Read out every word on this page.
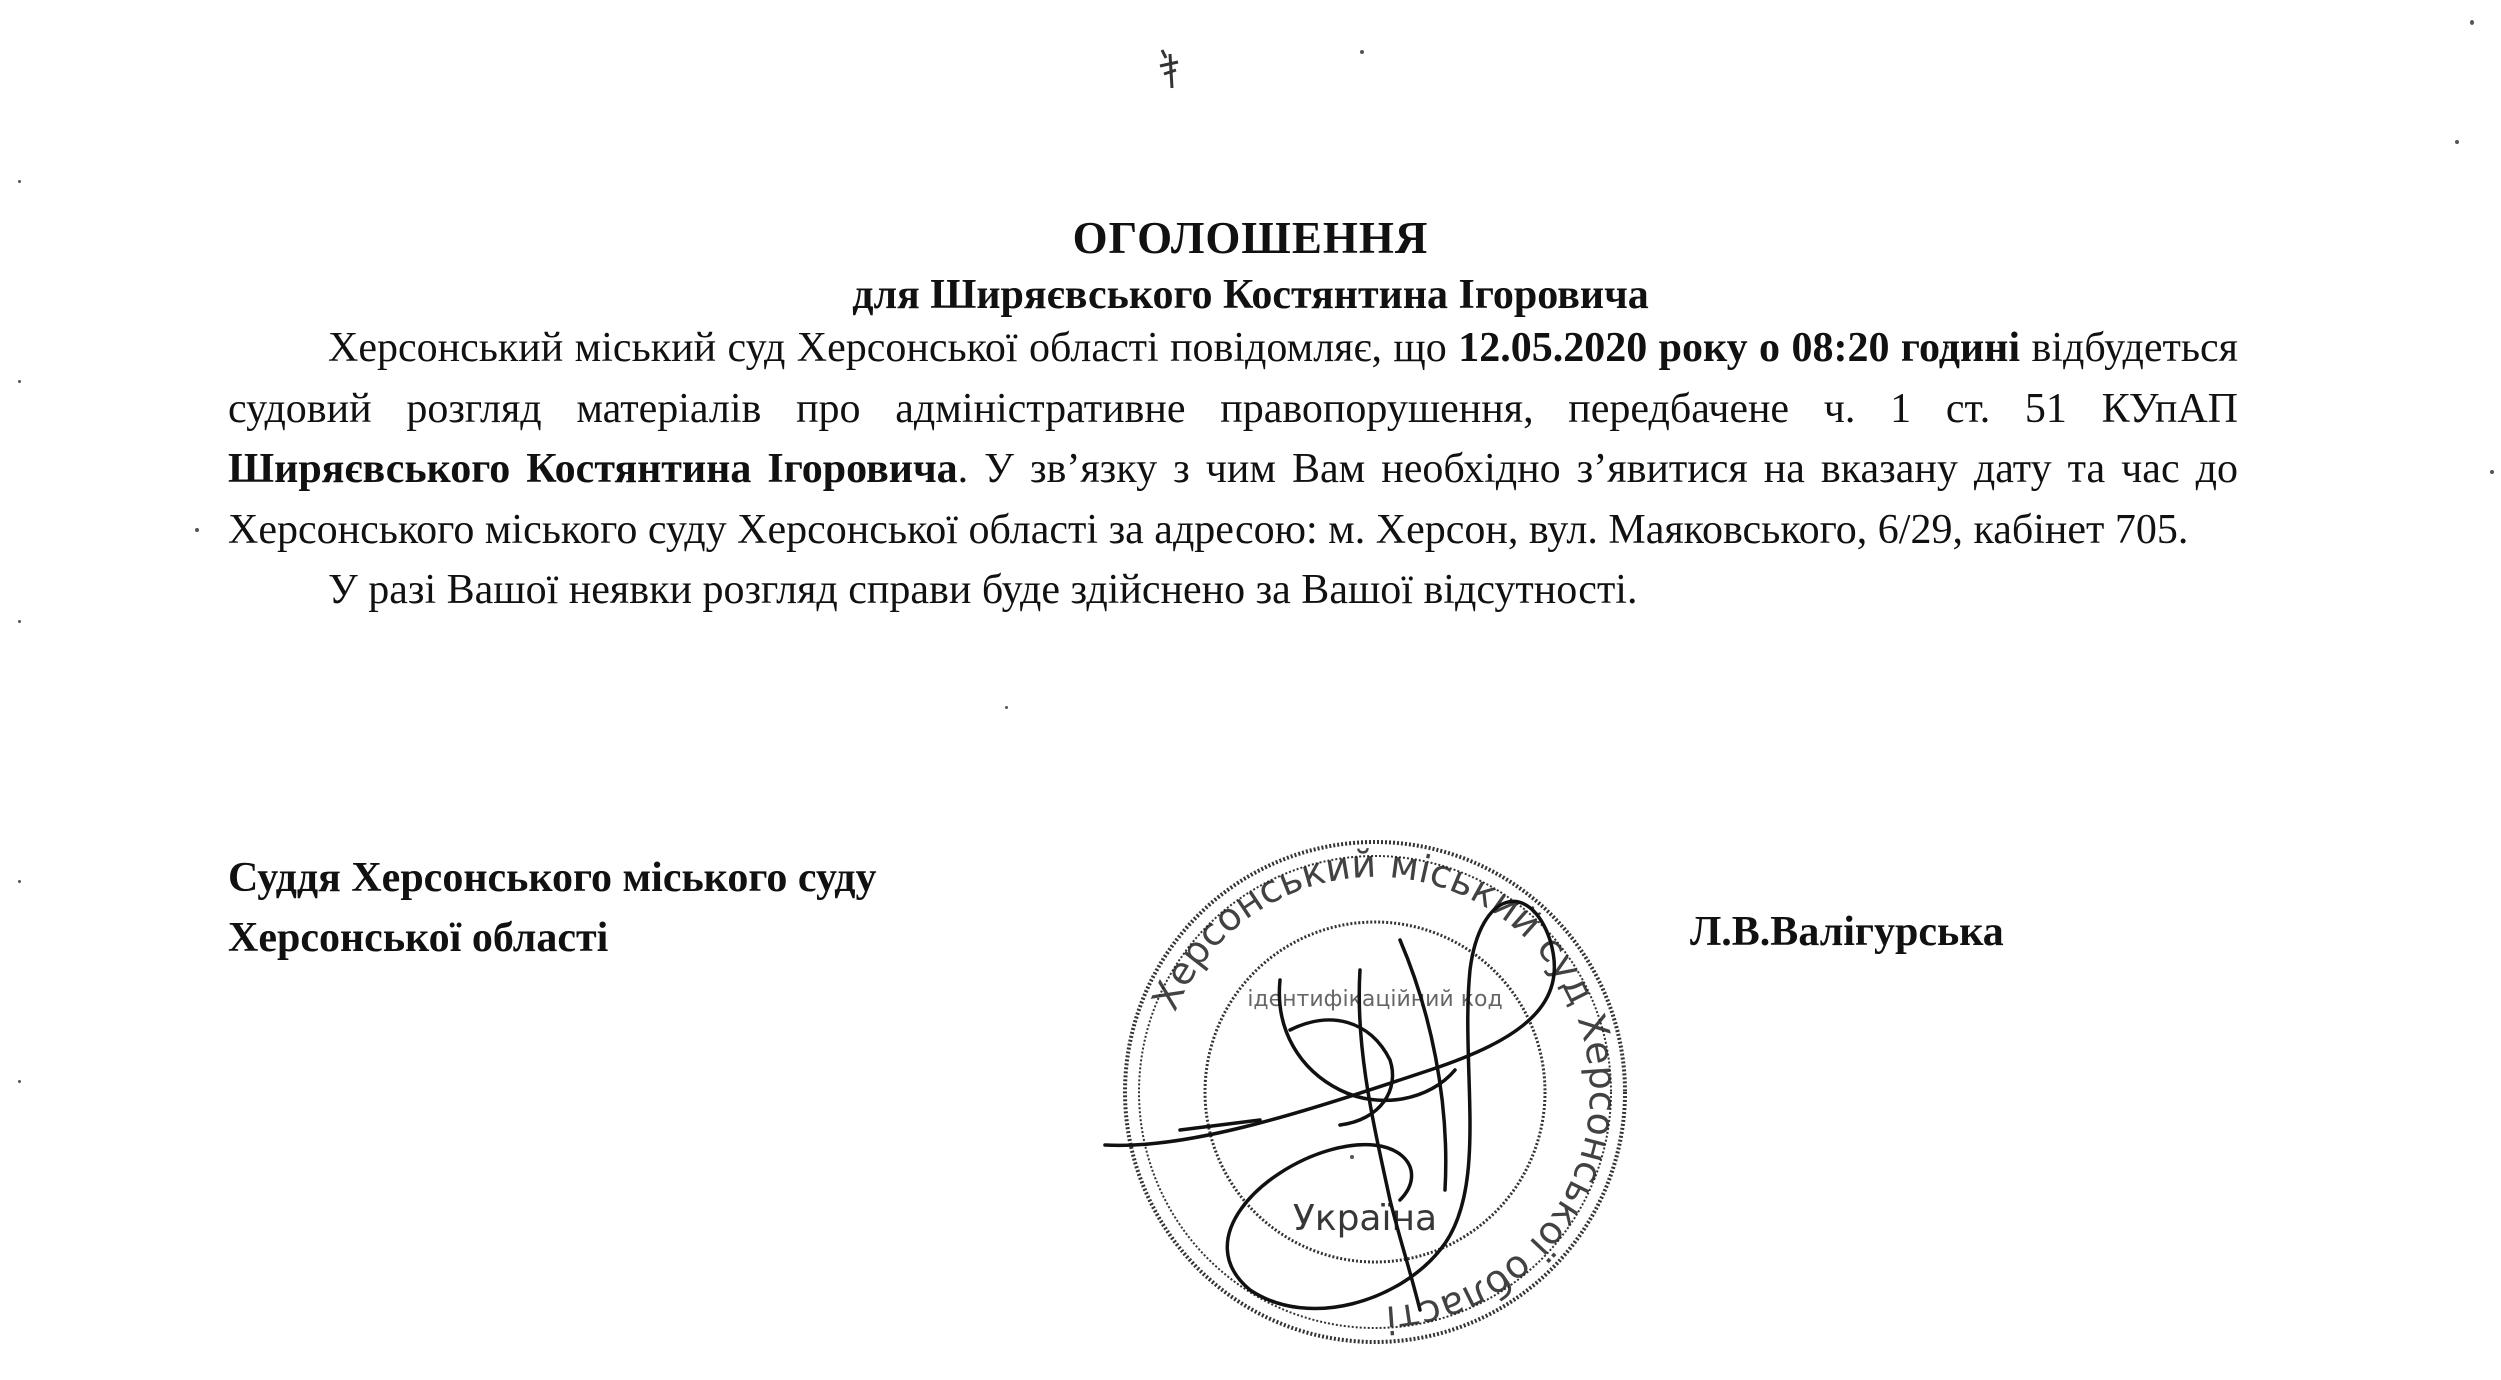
ОГОЛОШЕННЯ
для Ширяєвського Костянтина Ігоровича

Херсонський міський суд Херсонської області повідомляє, що 12.05.2020 року о 08:20 годині відбудеться судовий розгляд матеріалів про адміністративне правопорушення, передбачене ч. 1 ст. 51 КУпАП Ширяєвського Костянтина Ігоровича. У зв’язку з чим Вам необхідно з’явитися на вказану дату та час до Херсонського міського суду Херсонської області за адресою: м. Херсон, вул. Маяковського, 6/29, кабінет 705.

У разі Вашої неявки розгляд справи буде здійснено за Вашої відсутності.

Суддя Херсонського міського суду
Херсонської області
Херсонський міський суд Херсонської області
ідентифікаційний код
Україна
Л.В.Валігурська
